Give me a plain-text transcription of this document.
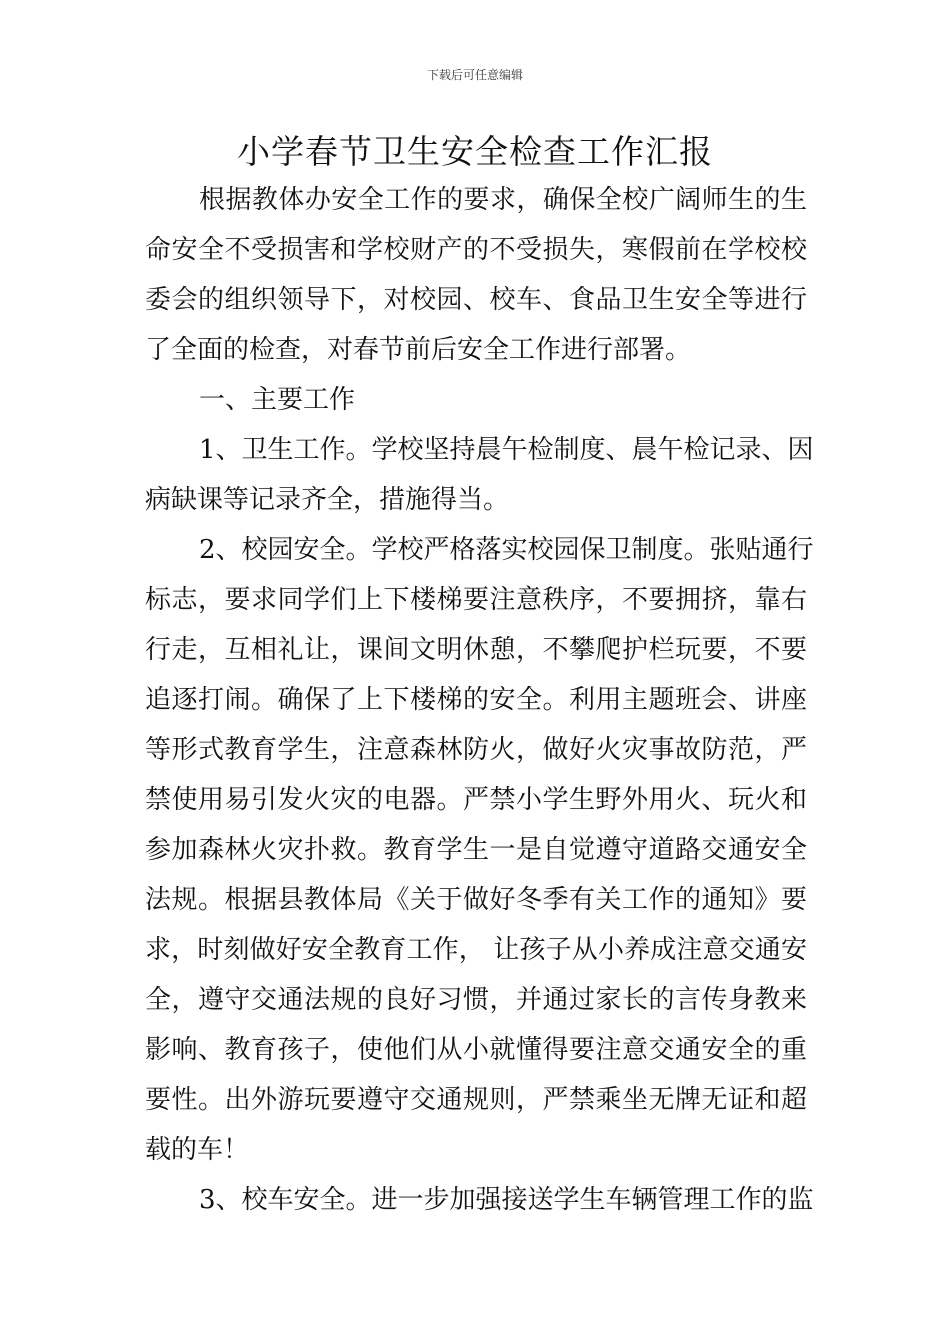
下载后可任意编辑
小学春节卫生安全检查工作汇报
根据教体办安全工作的要求，确保全校广阔师生的生
命安全不受损害和学校财产的不受损失，寒假前在学校校
委会的组织领导下，对校园、校车、食品卫生安全等进行
了全面的检查，对春节前后安全工作进行部署。
一、主要工作
1、卫生工作。学校坚持晨午检制度、晨午检记录、因
病缺课等记录齐全，措施得当。
2、校园安全。学校严格落实校园保卫制度。张贴通行
标志，要求同学们上下楼梯要注意秩序，不要拥挤，靠右
行走，互相礼让，课间文明休憩，不攀爬护栏玩要，不要
追逐打闹。确保了上下楼梯的安全。利用主题班会、讲座
等形式教育学生，注意森林防火，做好火灾事故防范，严
禁使用易引发火灾的电器。严禁小学生野外用火、玩火和
参加森林火灾扑救。教育学生一是自觉遵守道路交通安全
法规。根据县教体局《关于做好冬季有关工作的通知》要
求，时刻做好安全教育工作， 让孩子从小养成注意交通安
全，遵守交通法规的良好习惯，并通过家长的言传身教来
影响、教育孩子，使他们从小就懂得要注意交通安全的重
要性。出外游玩要遵守交通规则，严禁乘坐无牌无证和超
载的车！
3、校车安全。进一步加强接送学生车辆管理工作的监
